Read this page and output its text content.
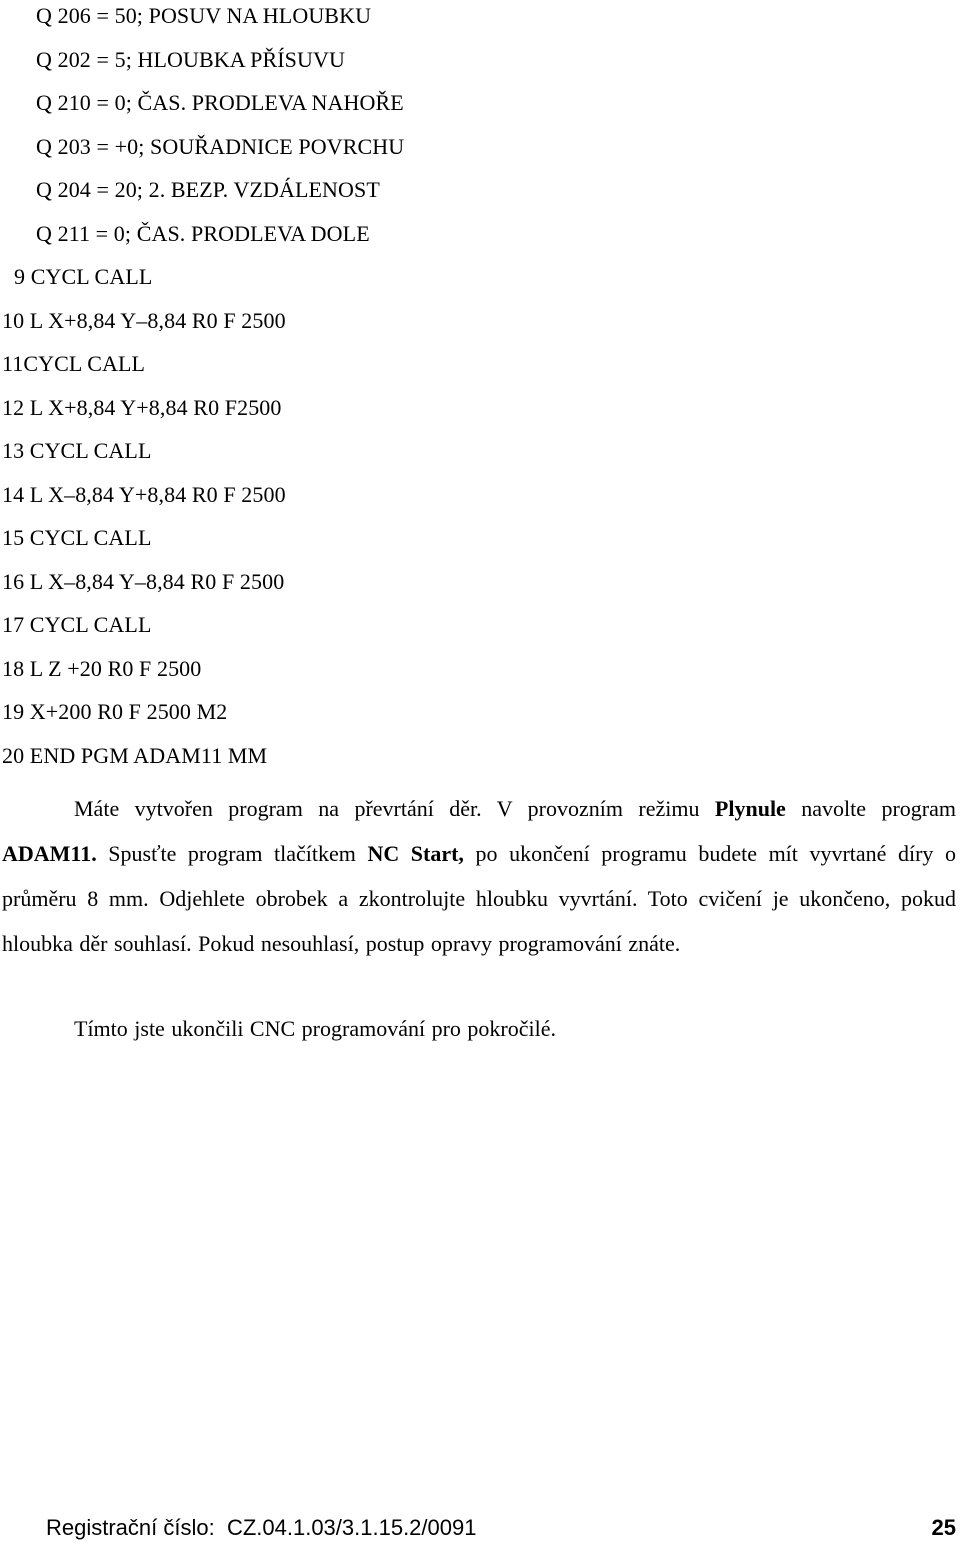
Q 206 = 50; POSUV NA HLOUBKU
Q 202 = 5; HLOUBKA PŘÍSUVU
Q 210 = 0; ČAS. PRODLEVA NAHOŘE
Q 203 = +0; SOUŘADNICE POVRCHU
Q 204 = 20; 2. BEZP. VZDÁLENOST
Q 211 = 0; ČAS. PRODLEVA DOLE
9 CYCL CALL
10 L X+8,84 Y–8,84 R0 F 2500
11CYCL CALL
12 L X+8,84 Y+8,84 R0 F2500
13 CYCL CALL
14 L X–8,84 Y+8,84 R0 F 2500
15 CYCL CALL
16 L X–8,84 Y–8,84 R0 F 2500
17 CYCL CALL
18 L Z +20 R0 F 2500
19 X+200 R0 F 2500 M2
20 END PGM ADAM11 MM
Máte vytvořen program na převrtání děr. V provozním režimu Plynule navolte program ADAM11. Spusťte program tlačítkem NC Start, po ukončení programu budete mít vyvrtané díry o průměru 8 mm. Odjehlete obrobek a zkontrolujte hloubku vyvrtání. Toto cvičení je ukončeno, pokud hloubka děr souhlasí. Pokud nesouhlasí, postup opravy programování znáte.
Tímto jste ukončili CNC programování pro pokročilé.
Registrační číslo:  CZ.04.1.03/3.1.15.2/0091	25
